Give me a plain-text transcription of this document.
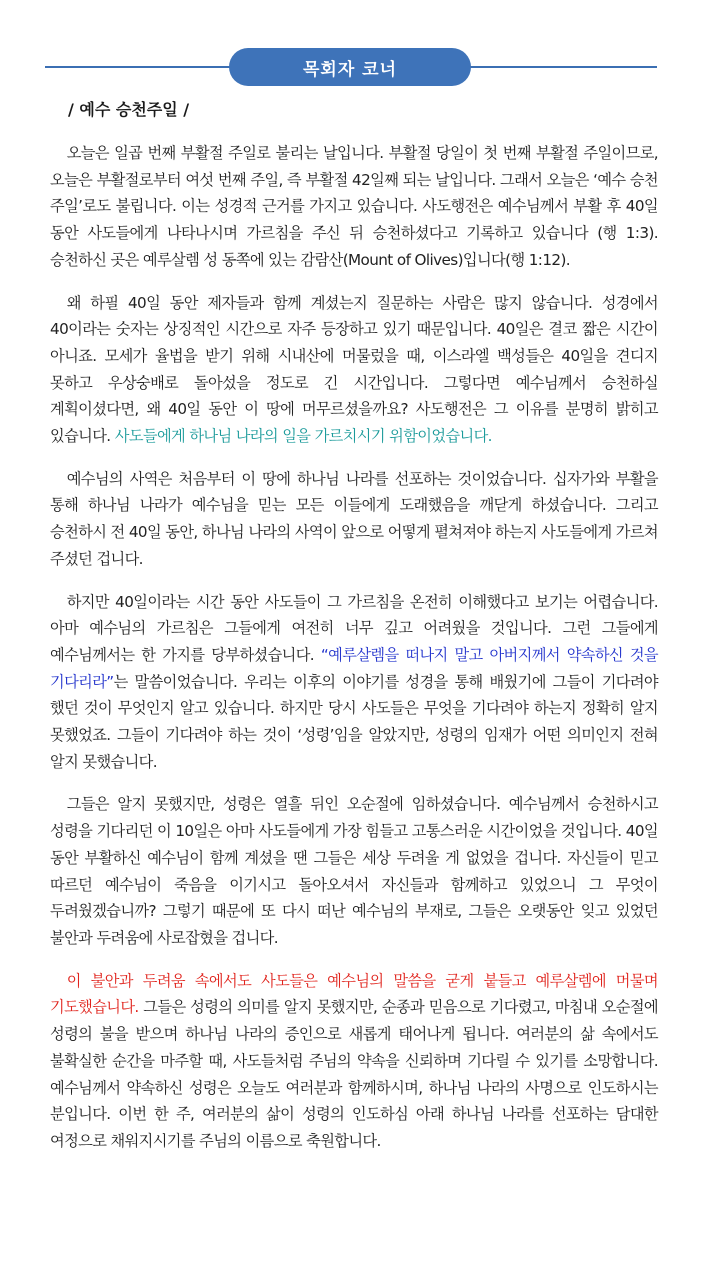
목회자 코너
/ 예수 승천주일 /

오늘은 일곱 번째 부활절 주일로 불리는 날입니다. 부활절 당일이 첫 번째 부활절 주일이므로, 오늘은 부활절로부터 여섯 번째 주일, 즉 부활절 42일째 되는 날입니다. 그래서 오늘은 ‘예수 승천 주일’로도 불립니다. 이는 성경적 근거를 가지고 있습니다. 사도행전은 예수님께서 부활 후 40일 동안 사도들에게 나타나시며 가르침을 주신 뒤 승천하셨다고 기록하고 있습니다 (행 1:3). 승천하신 곳은 예루살렘 성 동쪽에 있는 감람산(Mount of Olives)입니다(행 1:12).

왜 하필 40일 동안 제자들과 함께 계셨는지 질문하는 사람은 많지 않습니다. 성경에서 40이라는 숫자는 상징적인 시간으로 자주 등장하고 있기 때문입니다. 40일은 결코 짧은 시간이 아니죠. 모세가 율법을 받기 위해 시내산에 머물렀을 때, 이스라엘 백성들은 40일을 견디지 못하고 우상숭배로 돌아섰을 정도로 긴 시간입니다. 그렇다면 예수님께서 승천하실 계획이셨다면, 왜 40일 동안 이 땅에 머무르셨을까요? 사도행전은 그 이유를 분명히 밝히고 있습니다. 사도들에게 하나님 나라의 일을 가르치시기 위함이었습니다.

예수님의 사역은 처음부터 이 땅에 하나님 나라를 선포하는 것이었습니다. 십자가와 부활을 통해 하나님 나라가 예수님을 믿는 모든 이들에게 도래했음을 깨닫게 하셨습니다. 그리고 승천하시 전 40일 동안, 하나님 나라의 사역이 앞으로 어떻게 펼쳐져야 하는지 사도들에게 가르쳐 주셨던 겁니다.

하지만 40일이라는 시간 동안 사도들이 그 가르침을 온전히 이해했다고 보기는 어렵습니다. 아마 예수님의 가르침은 그들에게 여전히 너무 깊고 어려웠을 것입니다. 그런 그들에게 예수님께서는 한 가지를 당부하셨습니다. “예루살렘을 떠나지 말고 아버지께서 약속하신 것을 기다리라”는 말씀이었습니다. 우리는 이후의 이야기를 성경을 통해 배웠기에 그들이 기다려야 했던 것이 무엇인지 알고 있습니다. 하지만 당시 사도들은 무엇을 기다려야 하는지 정확히 알지 못했었죠. 그들이 기다려야 하는 것이 ‘성령’임을 알았지만, 성령의 임재가 어떤 의미인지 전혀 알지 못했습니다.

그들은 알지 못했지만, 성령은 열흘 뒤인 오순절에 임하셨습니다. 예수님께서 승천하시고 성령을 기다리던 이 10일은 아마 사도들에게 가장 힘들고 고통스러운 시간이었을 것입니다. 40일 동안 부활하신 예수님이 함께 계셨을 땐 그들은 세상 두려울 게 없었을 겁니다. 자신들이 믿고 따르던 예수님이 죽음을 이기시고 돌아오셔서 자신들과 함께하고 있었으니 그 무엇이 두려웠겠습니까? 그렇기 때문에 또 다시 떠난 예수님의 부재로, 그들은 오랫동안 잊고 있었던 불안과 두려움에 사로잡혔을 겁니다.

이 불안과 두려움 속에서도 사도들은 예수님의 말씀을 굳게 붙들고 예루살렘에 머물며 기도했습니다. 그들은 성령의 의미를 알지 못했지만, 순종과 믿음으로 기다렸고, 마침내 오순절에 성령의 불을 받으며 하나님 나라의 증인으로 새롭게 태어나게 됩니다. 여러분의 삶 속에서도 불확실한 순간을 마주할 때, 사도들처럼 주님의 약속을 신뢰하며 기다릴 수 있기를 소망합니다. 예수님께서 약속하신 성령은 오늘도 여러분과 함께하시며, 하나님 나라의 사명으로 인도하시는 분입니다. 이번 한 주, 여러분의 삶이 성령의 인도하심 아래 하나님 나라를 선포하는 담대한 여정으로 채워지시기를 주님의 이름으로 축원합니다.
